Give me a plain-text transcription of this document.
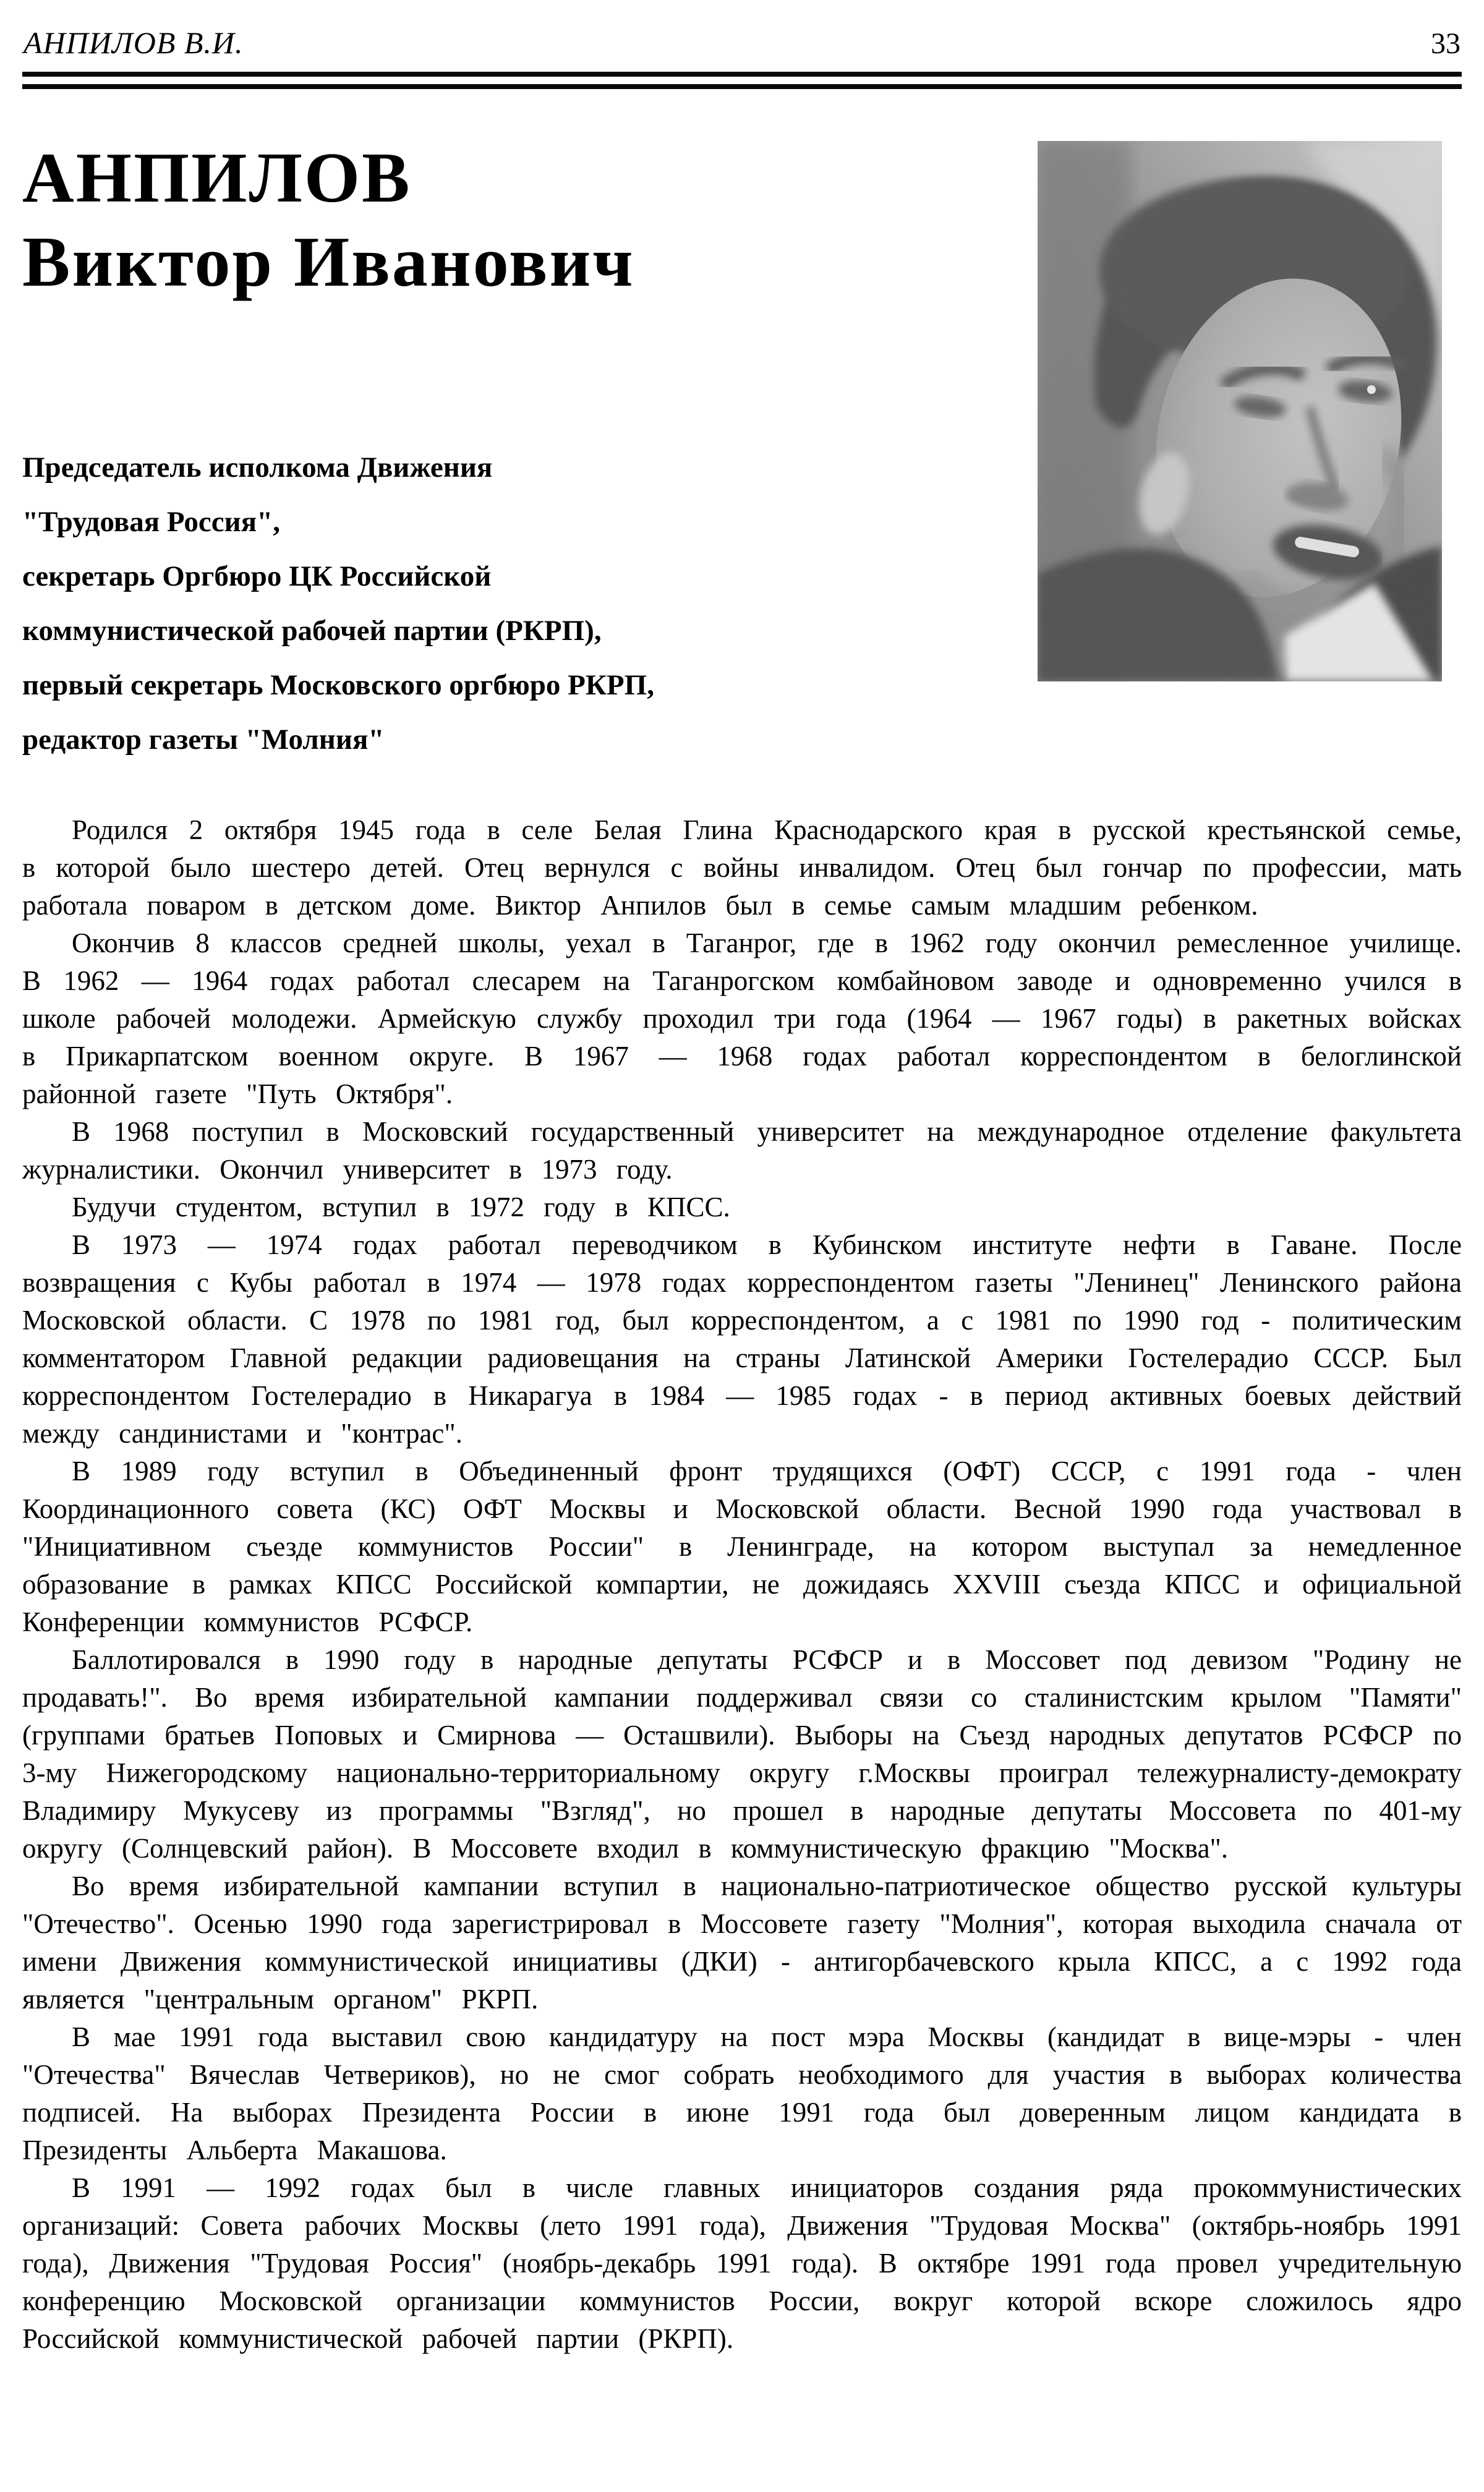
АНПИЛОВ В.И.	33
АНПИЛОВ
Виктор Иванович
Председатель исполкома Движения
"Трудовая Россия",
секретарь Оргбюро ЦК Российской
коммунистической рабочей партии (РКРП),
первый секретарь Московского оргбюро РКРП,
редактор газеты "Молния"

Родился 2 октября 1945 года в селе Белая Глина Краснодарского края в русской крестьянской семье, в которой было шестеро детей. Отец вернулся с войны инвалидом. Отец был гончар по профессии, мать работала поваром в детском доме. Виктор Анпилов был в семье самым младшим ребенком.

Окончив 8 классов средней школы, уехал в Таганрог, где в 1962 году окончил ремесленное училище. В 1962 — 1964 годах работал слесарем на Таганрогском комбайновом заводе и одновременно учился в школе рабочей молодежи. Армейскую службу проходил три года (1964 — 1967 годы) в ракетных войсках в Прикарпатском военном округе. В 1967 — 1968 годах работал корреспондентом в белоглинской районной газете "Путь Октября".

В 1968 поступил в Московский государственный университет на международное отделение факультета журналистики. Окончил университет в 1973 году.

Будучи студентом, вступил в 1972 году в КПСС.

В 1973 — 1974 годах работал переводчиком в Кубинском институте нефти в Гаване. После возвращения с Кубы работал в 1974 — 1978 годах корреспондентом газеты "Ленинец" Ленинского района Московской области. С 1978 по 1981 год, был корреспондентом, а с 1981 по 1990 год - политическим комментатором Главной редакции радиовещания на страны Латинской Америки Гостелерадио СССР. Был корреспондентом Гостелерадио в Никарагуа в 1984 — 1985 годах - в период активных боевых действий между сандинистами и "контрас".

В 1989 году вступил в Объединенный фронт трудящихся (ОФТ) СССР, с 1991 года - член Координационного совета (КС) ОФТ Москвы и Московской области. Весной 1990 года участвовал в "Инициативном съезде коммунистов России" в Ленинграде, на котором выступал за немедленное образование в рамках КПСС Российской компартии, не дожидаясь XXVIII съезда КПСС и официальной Конференции коммунистов РСФСР.

Баллотировался в 1990 году в народные депутаты РСФСР и в Моссовет под девизом "Родину не продавать!". Во время избирательной кампании поддерживал связи со сталинистским крылом "Памяти" (группами братьев Поповых и Смирнова — Осташвили). Выборы на Съезд народных депутатов РСФСР по 3-му Нижегородскому национально-территориальному округу г.Москвы проиграл тележурналисту-демократу Владимиру Мукусеву из программы "Взгляд", но прошел в народные депутаты Моссовета по 401-му округу (Солнцевский район). В Моссовете входил в коммунистическую фракцию "Москва".

Во время избирательной кампании вступил в национально-патриотическое общество русской культуры "Отечество". Осенью 1990 года зарегистрировал в Моссовете газету "Молния", которая выходила сначала от имени Движения коммунистической инициативы (ДКИ) - антигорбачевского крыла КПСС, а с 1992 года является "центральным органом" РКРП.

В мае 1991 года выставил свою кандидатуру на пост мэра Москвы (кандидат в вице-мэры - член "Отечества" Вячеслав Четвериков), но не смог собрать необходимого для участия в выборах количества подписей. На выборах Президента России в июне 1991 года был доверенным лицом кандидата в Президенты Альберта Макашова.

В 1991 — 1992 годах был в числе главных инициаторов создания ряда прокоммунистических организаций: Совета рабочих Москвы (лето 1991 года), Движения "Трудовая Москва" (октябрь-ноябрь 1991 года), Движения "Трудовая Россия" (ноябрь-декабрь 1991 года). В октябре 1991 года провел учредительную конференцию Московской организации коммунистов России, вокруг которой вскоре сложилось ядро Российской коммунистической рабочей партии (РКРП).
